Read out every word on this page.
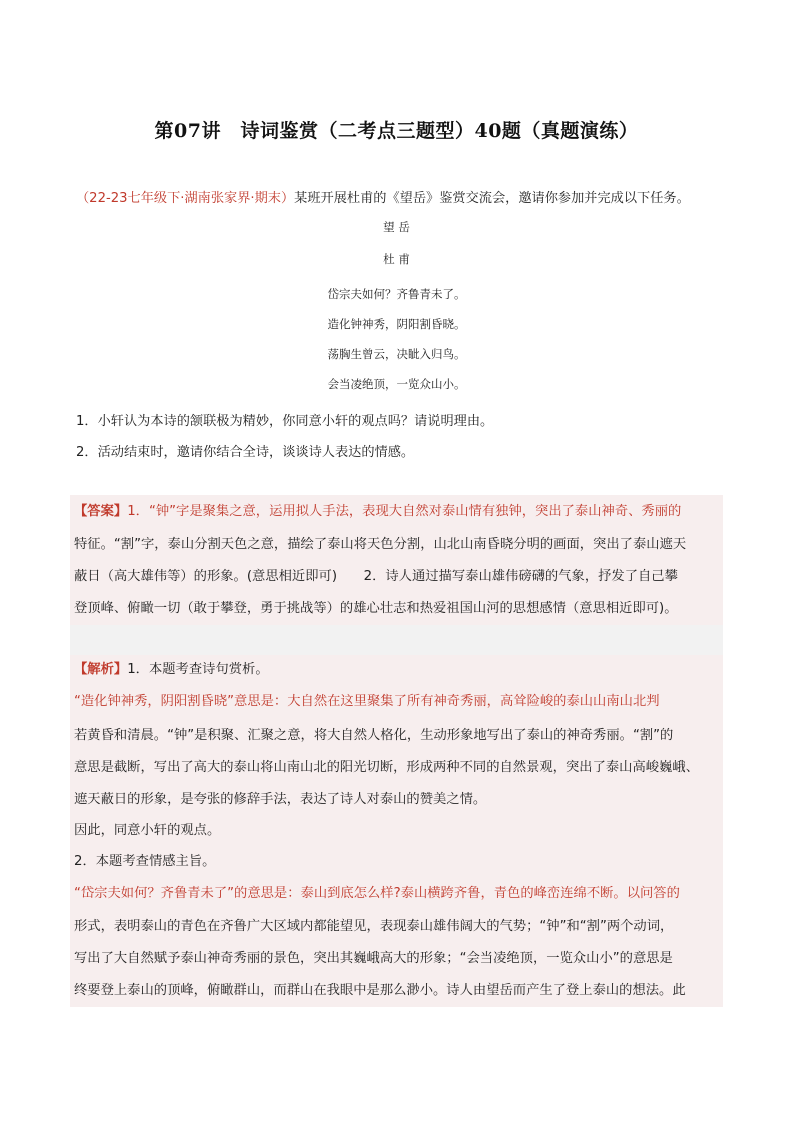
第07讲　诗词鉴赏（二考点三题型）40题（真题演练）
（22-23七年级下·湖南张家界·期末）某班开展杜甫的《望岳》鉴赏交流会，邀请你参加并完成以下任务。
望 岳
杜 甫
岱宗夫如何？齐鲁青未了。
造化钟神秀，阴阳割昏晓。
荡胸生曾云，决眦入归鸟。
会当凌绝顶，一览众山小。
1．小轩认为本诗的颔联极为精妙，你同意小轩的观点吗？请说明理由。
2．活动结束时，邀请你结合全诗，谈谈诗人表达的情感。
【答案】1．“钟”字是聚集之意，运用拟人手法，表现大自然对泰山情有独钟，突出了泰山神奇、秀丽的
特征。“割”字，泰山分割天色之意，描绘了泰山将天色分割，山北山南昏晓分明的画面，突出了泰山遮天
蔽日（高大雄伟等）的形象。(意思相近即可)　　2．诗人通过描写泰山雄伟磅礴的气象，抒发了自己攀
登顶峰、俯瞰一切（敢于攀登，勇于挑战等）的雄心壮志和热爱祖国山河的思想感情（意思相近即可)。
【解析】1．本题考查诗句赏析。
“造化钟神秀，阴阳割昏晓”意思是：大自然在这里聚集了所有神奇秀丽，高耸险峻的泰山山南山北判
若黄昏和清晨。“钟”是积聚、汇聚之意，将大自然人格化，生动形象地写出了泰山的神奇秀丽。“割”的
意思是截断，写出了高大的泰山将山南山北的阳光切断，形成两种不同的自然景观，突出了泰山高峻巍峨、
遮天蔽日的形象，是夸张的修辞手法，表达了诗人对泰山的赞美之情。
因此，同意小轩的观点。
2．本题考查情感主旨。
“岱宗夫如何？齐鲁青未了”的意思是：泰山到底怎么样?泰山横跨齐鲁，青色的峰峦连绵不断。以问答的
形式，表明泰山的青色在齐鲁广大区域内都能望见，表现泰山雄伟阔大的气势；“钟”和“割”两个动词，
写出了大自然赋予泰山神奇秀丽的景色，突出其巍峨高大的形象；“会当凌绝顶，一览众山小”的意思是
终要登上泰山的顶峰，俯瞰群山，而群山在我眼中是那么渺小。诗人由望岳而产生了登上泰山的想法。此
